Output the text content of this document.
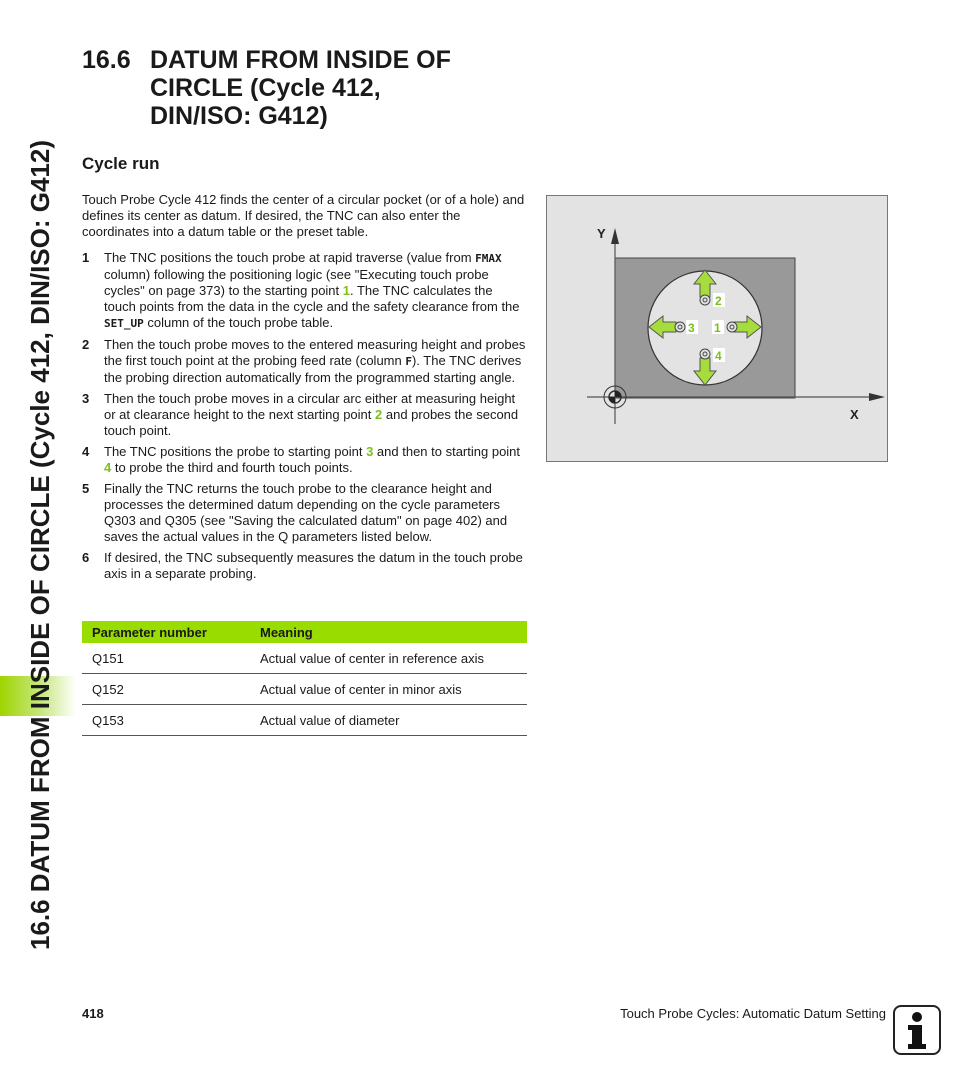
16.6 DATUM FROM INSIDE OF CIRCLE (Cycle 412, DIN/ISO: G412)
16.6 DATUM FROM INSIDE OF
CIRCLE (Cycle 412,
DIN/ISO: G412)
Cycle run
Touch Probe Cycle 412 finds the center of a circular pocket (or of a hole) and defines its center as datum. If desired, the TNC can also enter the coordinates into a datum table or the preset table.
1	The TNC positions the touch probe at rapid traverse (value from FMAX column) following the positioning logic (see "Executing touch probe cycles" on page 373) to the starting point 1. The TNC calculates the touch points from the data in the cycle and the safety clearance from the SET_UP column of the touch probe table.
2	Then the touch probe moves to the entered measuring height and probes the first touch point at the probing feed rate (column F). The TNC derives the probing direction automatically from the programmed starting angle.
3	Then the touch probe moves in a circular arc either at measuring height or at clearance height to the next starting point 2 and probes the second touch point.
4	The TNC positions the probe to starting point 3 and then to starting point 4 to probe the third and fourth touch points.
5	Finally the TNC returns the touch probe to the clearance height and processes the determined datum depending on the cycle parameters Q303 and Q305 (see "Saving the calculated datum" on page 402) and saves the actual values in the Q parameters listed below.
6	If desired, the TNC subsequently measures the datum in the touch probe axis in a separate probing.
Parameter number	Meaning
Q151	Actual value of center in reference axis
Q152	Actual value of center in minor axis
Q153	Actual value of diameter
Y
X
2
4
3 1
418	Touch Probe Cycles: Automatic Datum Setting
